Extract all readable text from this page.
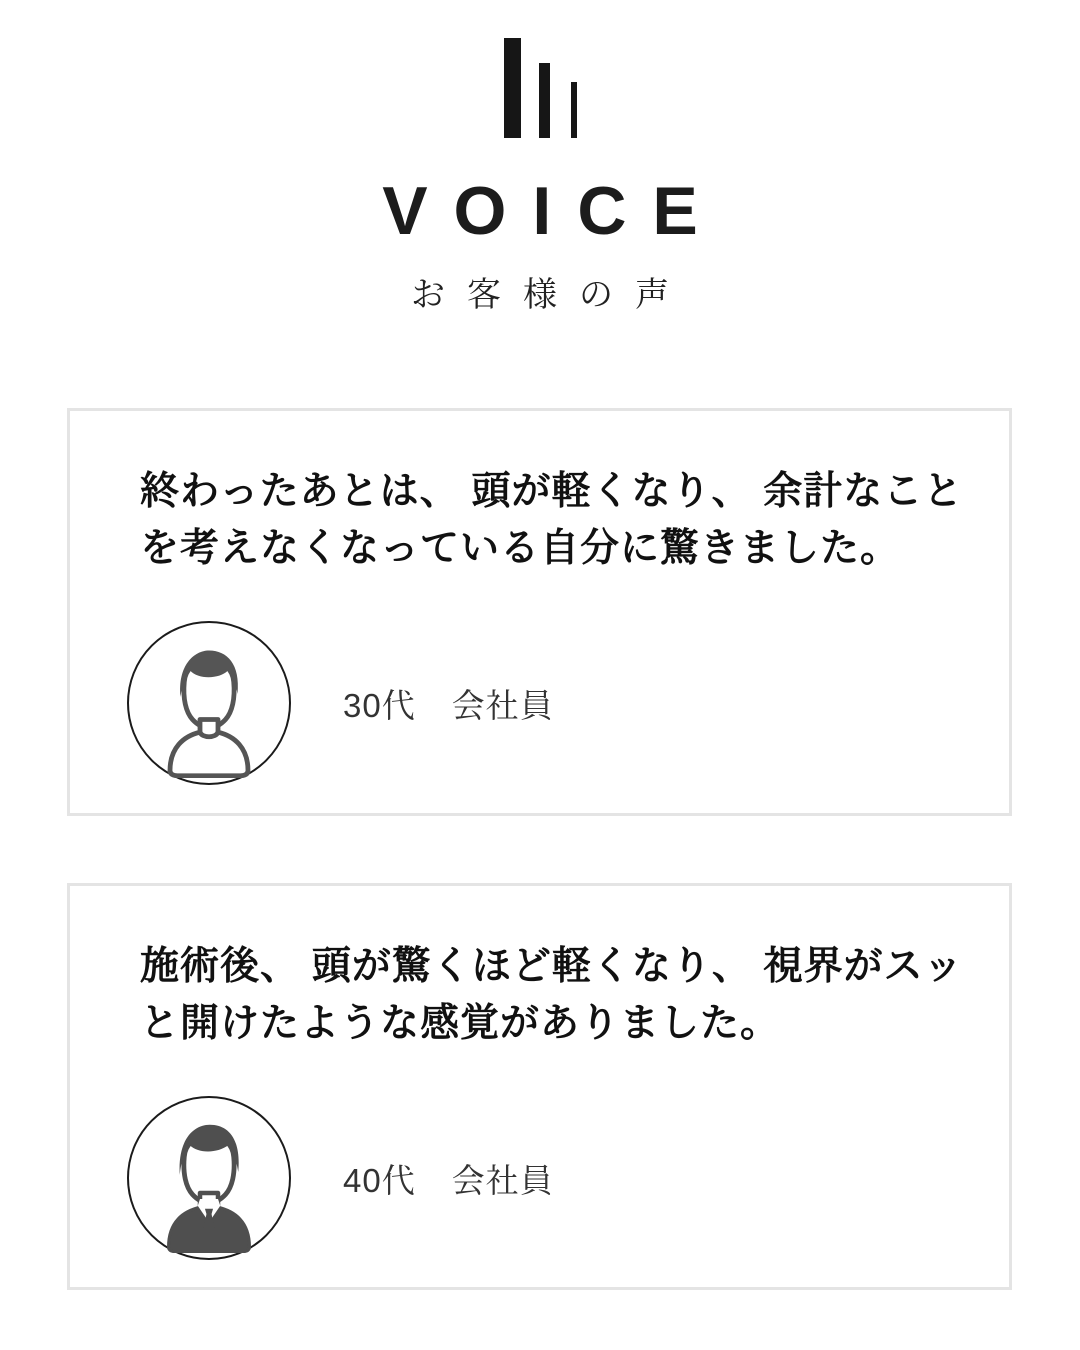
VOICE
お客様の声
終わったあとは、 頭が軽くなり、 余計なこと
を考えなくなっている自分に驚きました。
30代 会社員
施術後、 頭が驚くほど軽くなり、 視界がスッ
と開けたような感覚がありました。
40代 会社員
